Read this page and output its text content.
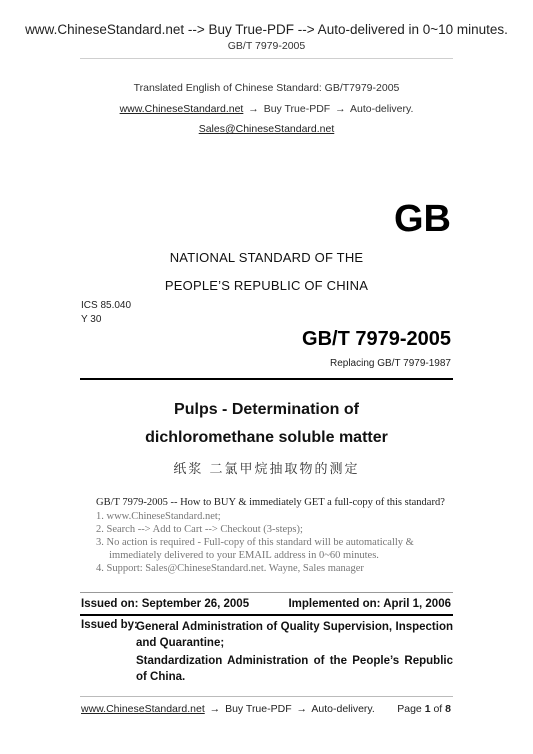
www.ChineseStandard.net --> Buy True-PDF --> Auto-delivered in 0~10 minutes.
GB/T 7979-2005
Translated English of Chinese Standard: GB/T7979-2005
www.ChineseStandard.net → Buy True-PDF → Auto-delivery.
Sales@ChineseStandard.net
GB
NATIONAL STANDARD OF THE
PEOPLE’S REPUBLIC OF CHINA
ICS 85.040
Y 30
GB/T 7979-2005
Replacing GB/T 7979-1987
Pulps - Determination of
dichloromethane soluble matter
纸浆 二氯甲烷抽取物的测定
GB/T 7979-2005 -- How to BUY & immediately GET a full-copy of this standard?
1. www.ChineseStandard.net;
2. Search --> Add to Cart --> Checkout (3-steps);
3. No action is required - Full-copy of this standard will be automatically &
immediately delivered to your EMAIL address in 0~60 minutes.
4. Support: Sales@ChineseStandard.net. Wayne, Sales manager
Issued on: September 26, 2005	Implemented on: April 1, 2006
Issued by:
General Administration of Quality Supervision, Inspection and Quarantine;
Standardization Administration of the People’s Republic of China.
www.ChineseStandard.net → Buy True-PDF → Auto-delivery. Page 1 of 8
